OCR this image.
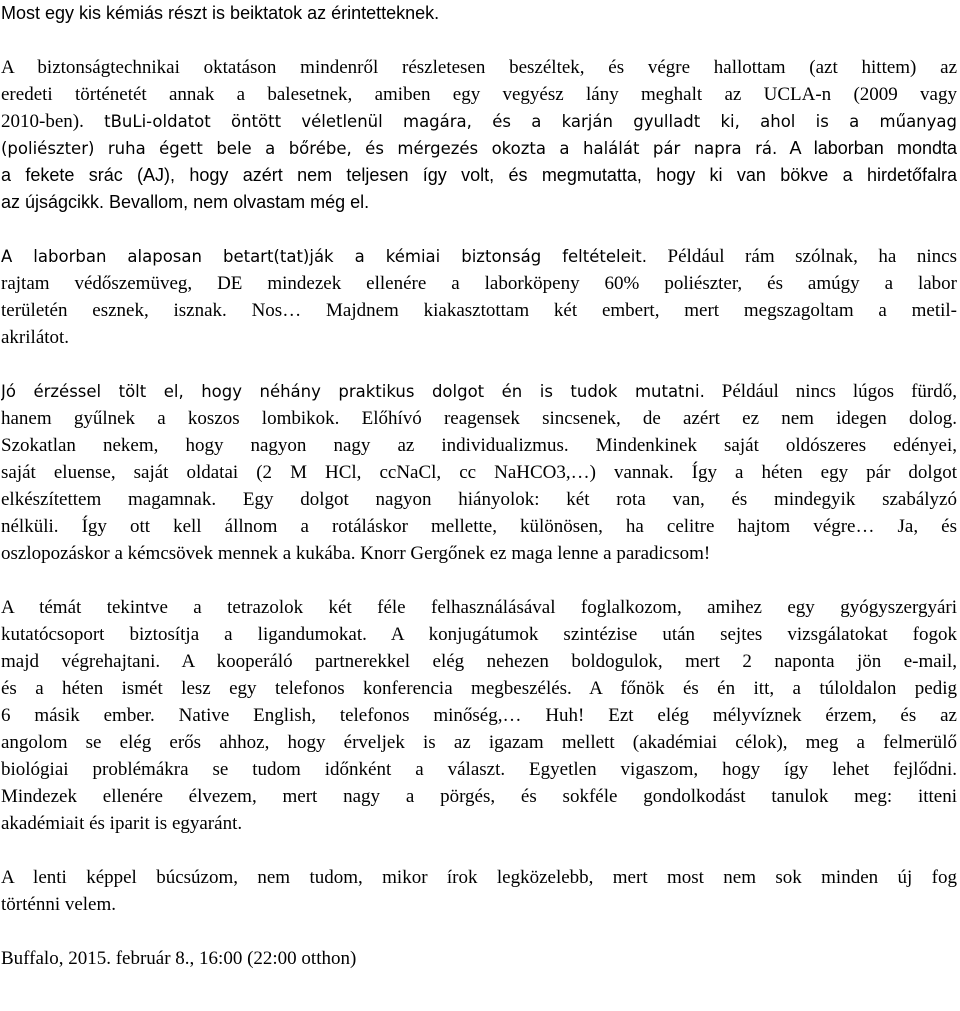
Most egy kis kémiás részt is beiktatok az érintetteknek.
A biztonságtechnikai oktatáson mindenről részletesen beszéltek, és végre hallottam (azt hittem) az
eredeti történetét annak a balesetnek, amiben egy vegyész lány meghalt az UCLA-n (2009 vagy
2010-ben). tBuLi-oldatot öntött véletlenül magára, és a karján gyulladt ki, ahol is a műanyag
(poliészter) ruha égett bele a bőrébe, és mérgezés okozta a halálát pár napra rá. A laborban mondta
a fekete srác (AJ), hogy azért nem teljesen így volt, és megmutatta, hogy ki van bökve a hirdetőfalra
az újságcikk. Bevallom, nem olvastam még el.
A laborban alaposan betart(tat)ják a kémiai biztonság feltételeit. Például rám szólnak, ha nincs
rajtam védőszemüveg, DE mindezek ellenére a laborköpeny 60% poliészter, és amúgy a labor
területén esznek, isznak. Nos… Majdnem kiakasztottam két embert, mert megszagoltam a metil-
akrilátot.
Jó érzéssel tölt el, hogy néhány praktikus dolgot én is tudok mutatni. Például nincs lúgos fürdő,
hanem gyűlnek a koszos lombikok. Előhívó reagensek sincsenek, de azért ez nem idegen dolog.
Szokatlan nekem, hogy nagyon nagy az individualizmus. Mindenkinek saját oldószeres edényei,
saját eluense, saját oldatai (2 M HCl, ccNaCl, cc NaHCO3,…) vannak. Így a héten egy pár dolgot
elkészítettem magamnak. Egy dolgot nagyon hiányolok: két rota van, és mindegyik szabályzó
nélküli. Így ott kell állnom a rotáláskor mellette, különösen, ha celitre hajtom végre… Ja, és
oszlopozáskor a kémcsövek mennek a kukába. Knorr Gergőnek ez maga lenne a paradicsom!
A témát tekintve a tetrazolok két féle felhasználásával foglalkozom, amihez egy gyógyszergyári
kutatócsoport biztosítja a ligandumokat. A konjugátumok szintézise után sejtes vizsgálatokat fogok
majd végrehajtani. A kooperáló partnerekkel elég nehezen boldogulok, mert 2 naponta jön e-mail,
és a héten ismét lesz egy telefonos konferencia megbeszélés. A főnök és én itt, a túloldalon pedig
6 másik ember. Native English, telefonos minőség,… Huh! Ezt elég mélyvíznek érzem, és az
angolom se elég erős ahhoz, hogy érveljek is az igazam mellett (akadémiai célok), meg a felmerülő
biológiai problémákra se tudom időnként a választ. Egyetlen vigaszom, hogy így lehet fejlődni.
Mindezek ellenére élvezem, mert nagy a pörgés, és sokféle gondolkodást tanulok meg: itteni
akadémiait és iparit is egyaránt.
A lenti képpel búcsúzom, nem tudom, mikor írok legközelebb, mert most nem sok minden új fog
történni velem.
Buffalo, 2015. február 8., 16:00 (22:00 otthon)
